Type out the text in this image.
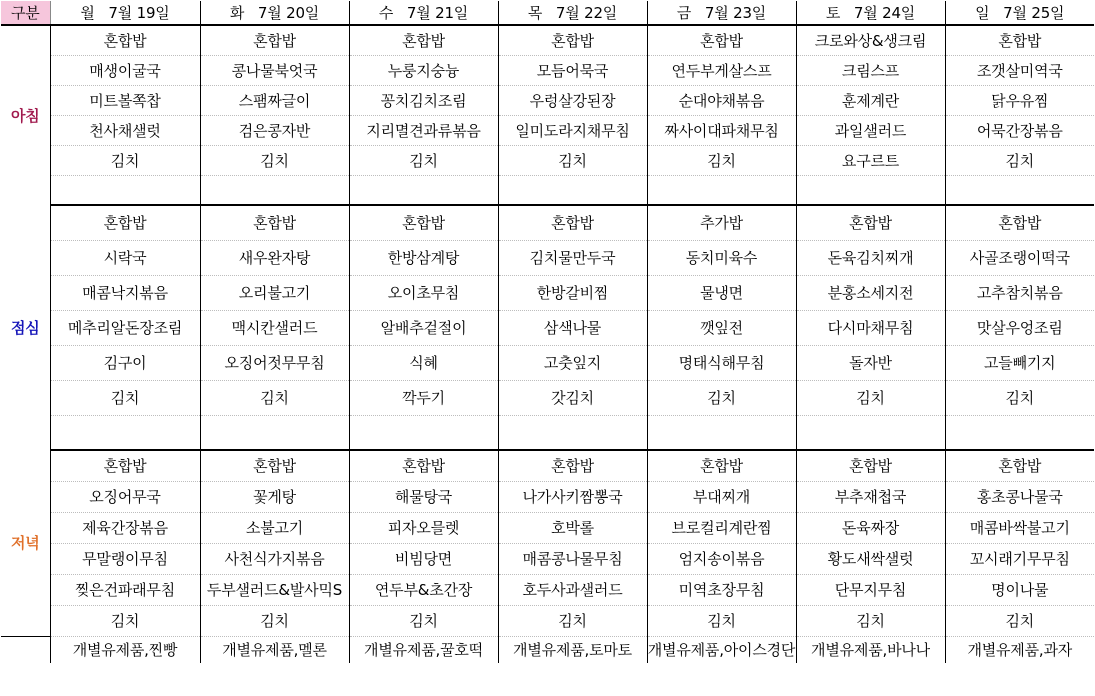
구분	월 7월 19일	화 7월 20일	수 7월 21일	목 7월 22일	금 7월 23일	토 7월 24일	일 7월 25일
아침	혼합밥	혼합밥	혼합밥	혼합밥	혼합밥	크로와상&생크림	혼합밥
	매생이굴국	콩나물북엇국	누룽지숭늉	모듬어묵국	연두부게살스프	크림스프	조갯살미역국
	미트볼쪽찹	스팸짜글이	꽁치김치조림	우렁살강된장	순대야채볶음	훈제계란	닭우유찜
	천사채샐럿	검은콩자반	지리멸견과류볶음	일미도라지채무침	짜사이대파채무침	과일샐러드	어묵간장볶음
	김치	김치	김치	김치	김치	요구르트	김치

점심	혼합밥	혼합밥	혼합밥	혼합밥	추가밥	혼합밥	혼합밥
	시락국	새우완자탕	한방삼계탕	김치물만두국	동치미육수	돈육김치찌개	사골조랭이떡국
	매콤낙지볶음	오리불고기	오이초무침	한방갈비찜	물냉면	분홍소세지전	고추참치볶음
	메추리알돈장조림	맥시칸샐러드	알배추겉절이	삼색나물	깻잎전	다시마채무침	맛살우엉조림
	김구이	오징어젓무무침	식혜	고춧잎지	명태식해무침	돌자반	고들빼기지
	김치	김치	깍두기	갓김치	김치	김치	김치

저녁	혼합밥	혼합밥	혼합밥	혼합밥	혼합밥	혼합밥	혼합밥
	오징어무국	꽃게탕	해물탕국	나가사키짬뽕국	부대찌개	부추재첩국	홍초콩나물국
	제육간장볶음	소불고기	피자오믈렛	호박롤	브로컬리계란찜	돈육짜장	매콤바싹불고기
	무말랭이무침	사천식가지볶음	비빔당면	매콤콩나물무침	엄지송이볶음	황도새싹샐럿	꼬시래기무무침
	찢은건파래무침	두부샐러드&발사믹S	연두부&초간장	호두사과샐러드	미역초장무침	단무지무침	명이나물
	김치	김치	김치	김치	김치	김치	김치
	개별유제품,찐빵	개별유제품,멜론	개별유제품,꿀호떡	개별유제품,토마토	개별유제품,아이스경단	개별유제품,바나나	개별유제품,과자
